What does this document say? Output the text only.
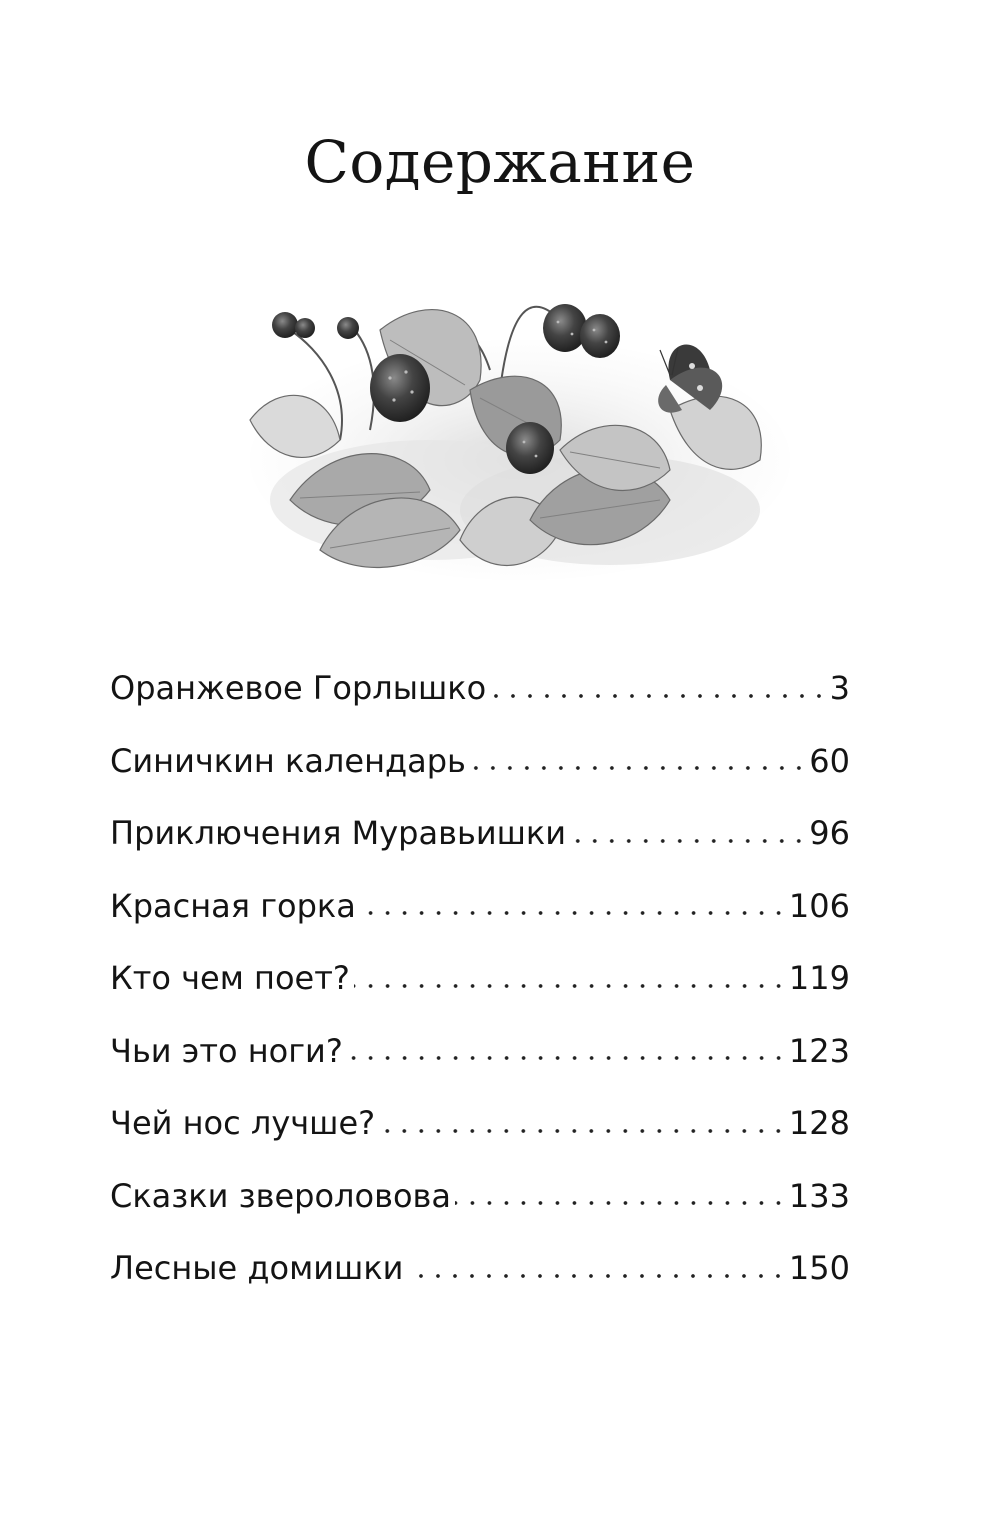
Содержание
Оранжевое Горлышко	3
Синичкин календарь	60
Приключения Муравьишки	96
Красная горка	106
Кто чем поет?	119
Чьи это ноги?	123
Чей нос лучше?	128
Сказки звероловова	133
Лесные домишки	150
